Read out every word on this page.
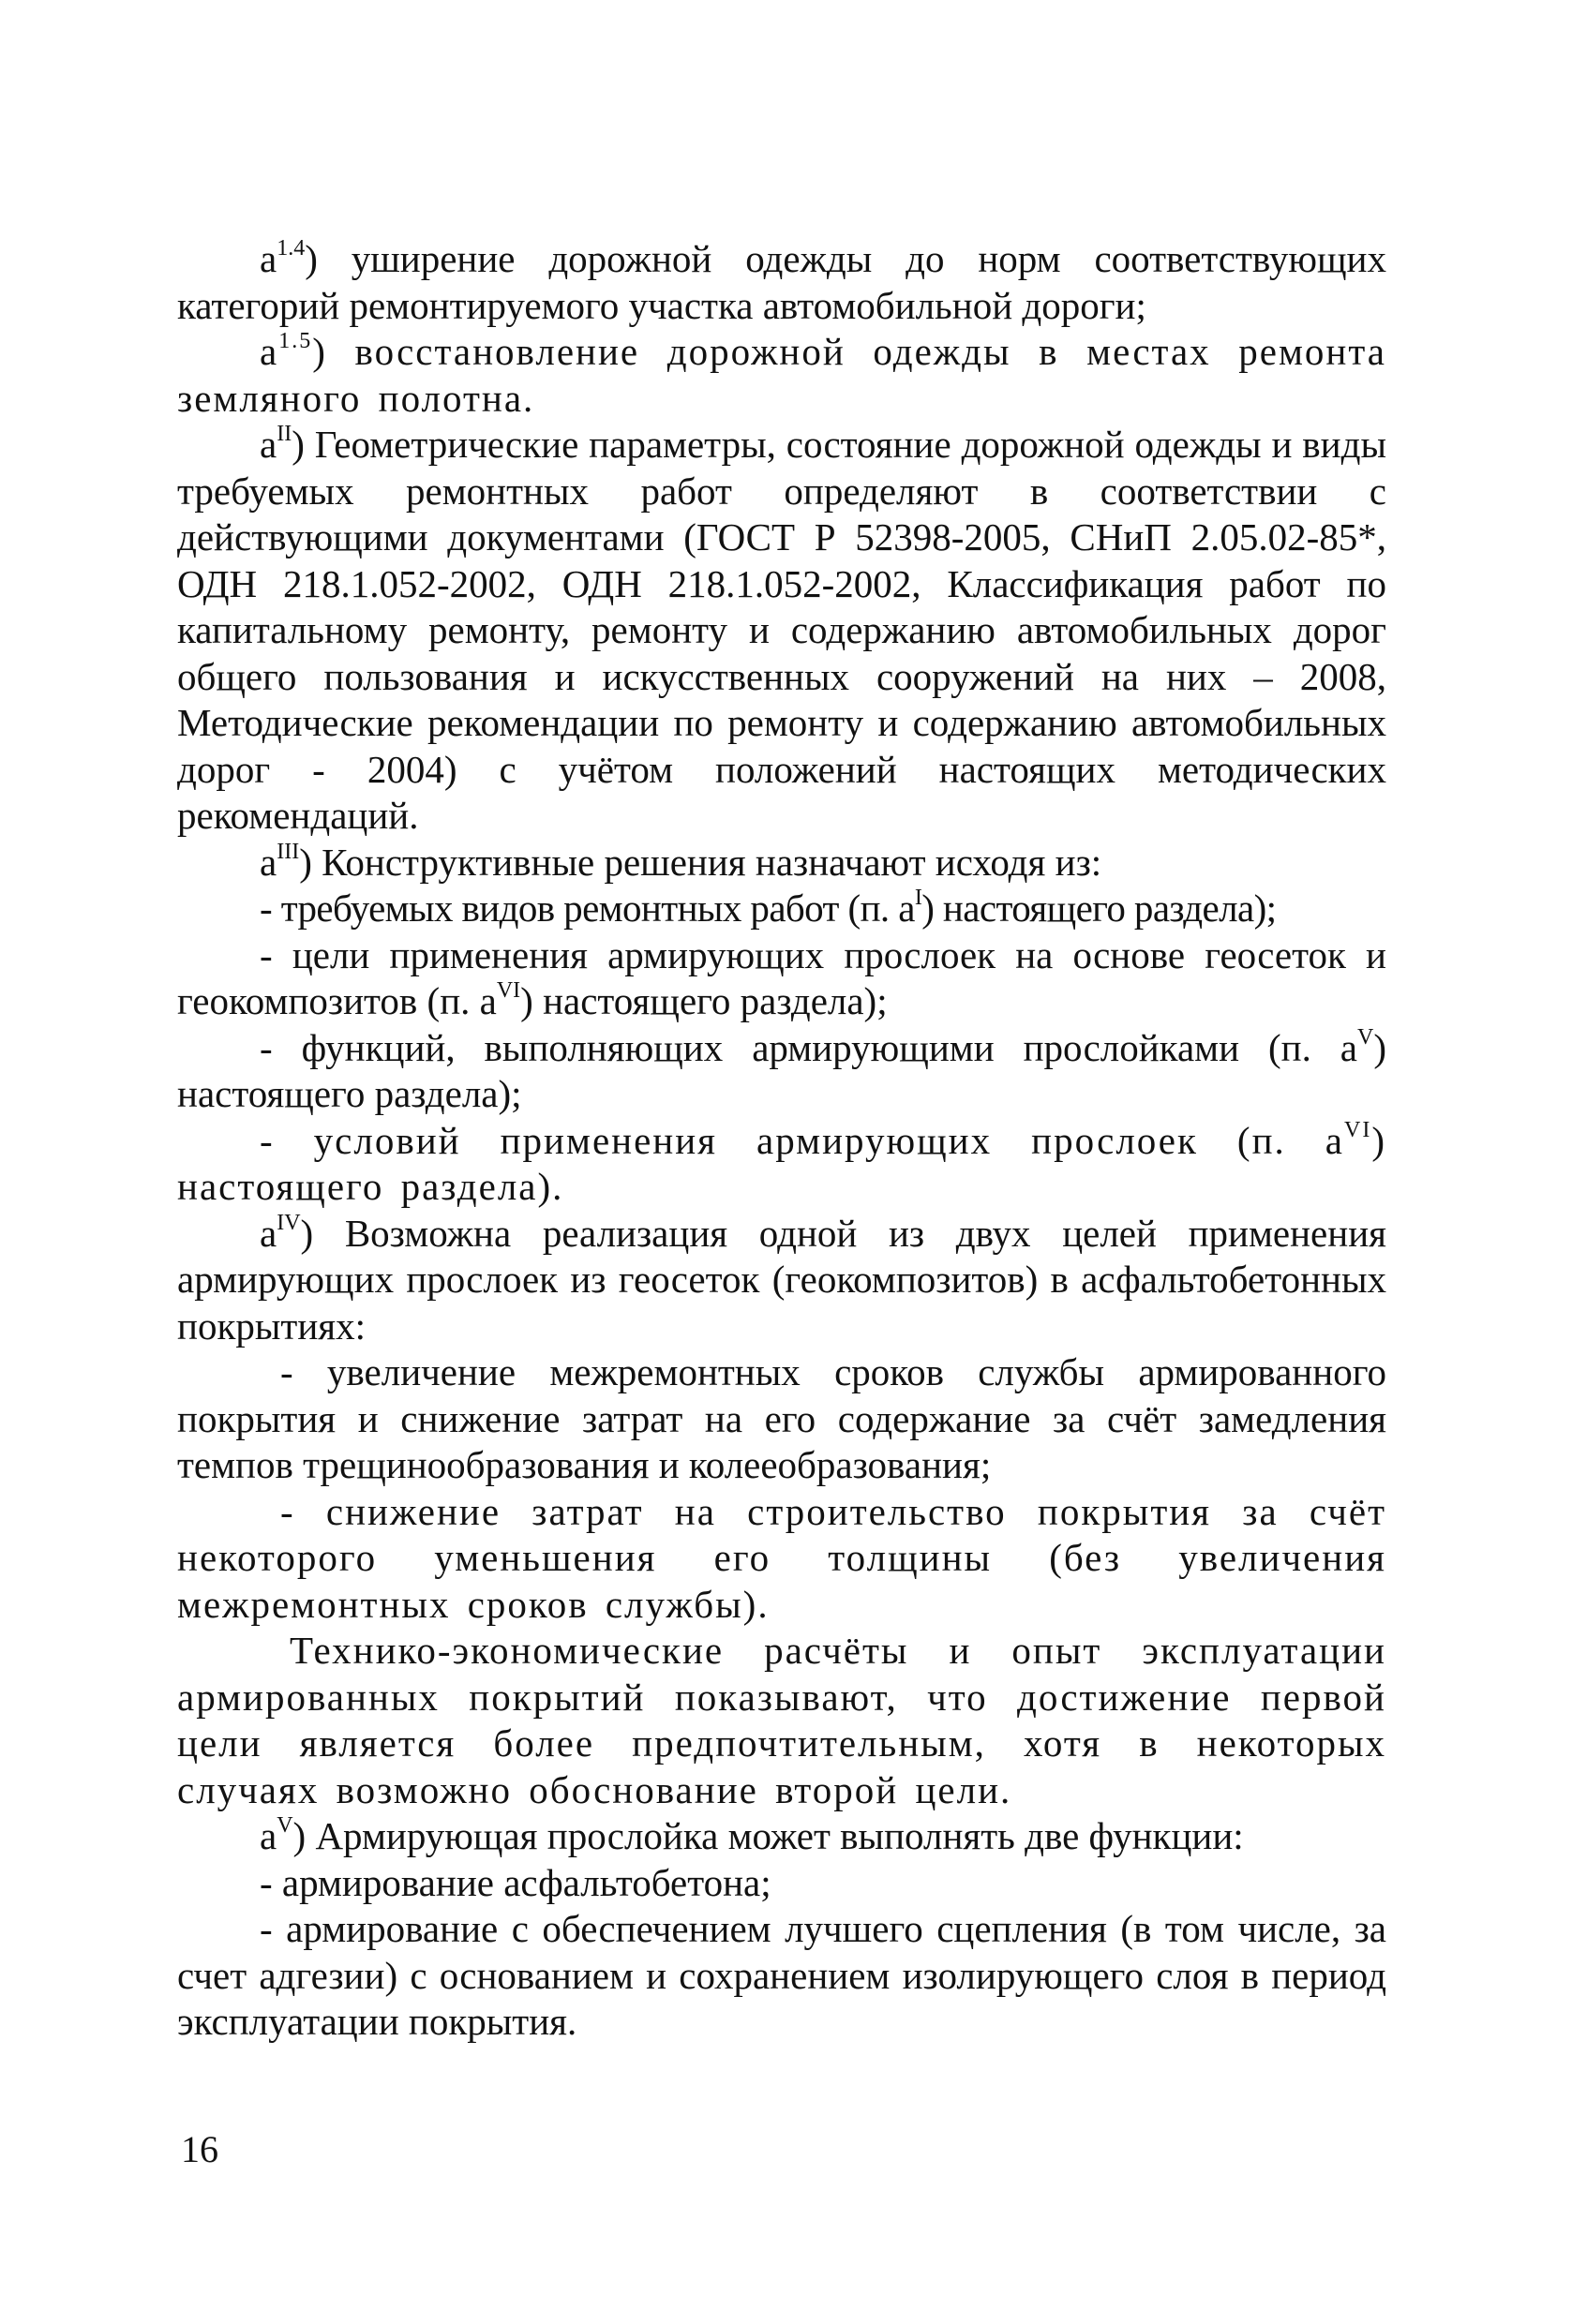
$а^{1.4}$) уширение дорожной одежды до норм соответствующих категорий ремонтируемого участка автомобильной дороги;

$а^{1.5}$) восстановление дорожной одежды в местах ремонта земляного полотна.

$а^{II}$) Геометрические параметры, состояние дорожной одежды и виды требуемых ремонтных работ определяют в соответствии с действующими документами (ГОСТ Р 52398-2005, СНиП 2.05.02-85*, ОДН 218.1.052-2002, ОДН 218.1.052-2002, Классификация работ по капитальному ремонту, ремонту и содержанию автомобильных дорог общего пользования и искусственных сооружений на них – 2008, Методические рекомендации по ремонту и содержанию автомобильных дорог - 2004) с учётом положений настоящих методических рекомендаций.

$а^{III}$) Конструктивные решения назначают исходя из:

- требуемых видов ремонтных работ (п. $а^I$) настоящего раздела);

- цели применения армирующих прослоек на основе геосеток и геокомпозитов (п. $а^{VI}$) настоящего раздела);

- функций, выполняющих армирующими прослойками (п. $а^V$) настоящего раздела);

- условий применения армирующих прослоек (п. $а^{VI}$) настоящего раздела).

$а^{IV}$) Возможна реализация одной из двух целей применения армирующих прослоек из геосеток (геокомпозитов) в асфальтобетонных покрытиях:

- увеличение межремонтных сроков службы армированного покрытия и снижение затрат на его содержание за счёт замедления темпов трещинообразования и колееобразования;

- снижение затрат на строительство покрытия за счёт некоторого уменьшения его толщины (без увеличения межремонтных сроков службы).

Технико-экономические расчёты и опыт эксплуатации армированных покрытий показывают, что достижение первой цели является более предпочтительным, хотя в некоторых случаях возможно обоснование второй цели.

$а^V$) Армирующая прослойка может выполнять две функции:

- армирование асфальтобетона;

- армирование с обеспечением лучшего сцепления (в том числе, за счет адгезии) с основанием и сохранением изолирующего слоя в период эксплуатации покрытия.

16
